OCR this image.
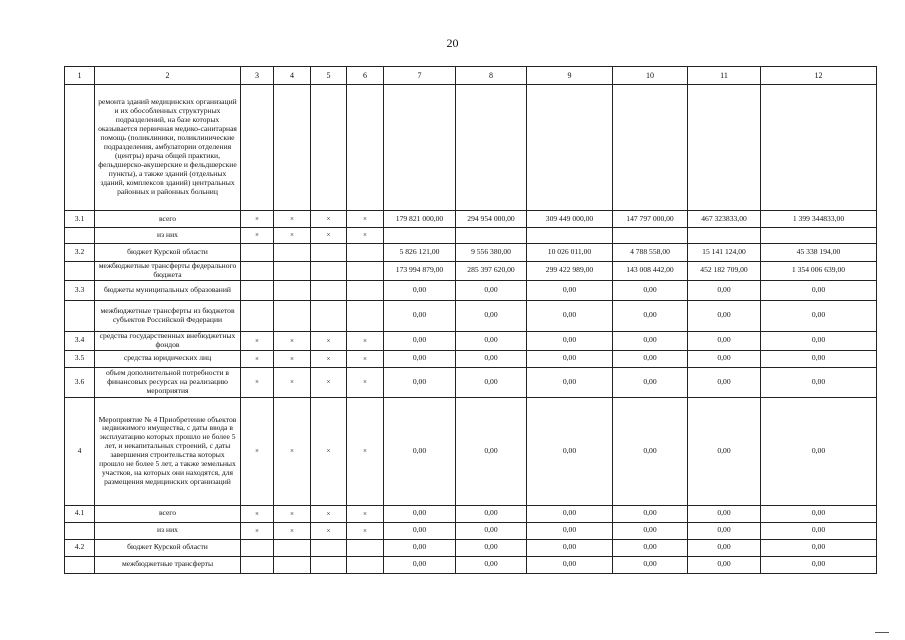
20
1	2	3	4	5	6	7	8	9	10	11	12
	ремонта зданий медицинских организаций и их обособленных структурных подразделений, на базе которых оказывается первичная медико-санитарная помощь (поликлиники, поликлинические подразделения, амбулатории отделения (центры) врача общей практики, фельдшерско-акушерские и фельдшерские пункты), а также зданий (отдельных зданий, комплексов зданий) центральных районных и районных больниц										
3.1	всего	×	×	×	×	179 821 000,00	294 954 000,00	309 449 000,00	147 797 000,00	467 323833,00	1 399 344833,00
	из них	×	×	×	×						
3.2	бюджет Курской области					5 826 121,00	9 556 380,00	10 026 011,00	4 788 558,00	15 141 124,00	45 338 194,00
	межбюджетные трансферты федерального бюджета					173 994 879,00	285 397 620,00	299 422 989,00	143 008 442,00	452 182 709,00	1 354 006 639,00
3.3	бюджеты муниципальных образований					0,00	0,00	0,00	0,00	0,00	0,00
	межбюджетные трансферты из бюджетов субъектов Российской Федерации					0,00	0,00	0,00	0,00	0,00	0,00
3.4	средства государственных внебюджетных фондов	×	×	×	×	0,00	0,00	0,00	0,00	0,00	0,00
3.5	средства юридических лиц	×	×	×	×	0,00	0,00	0,00	0,00	0,00	0,00
3.6	объем дополнительной потребности в финансовых ресурсах на реализацию мероприятия	×	×	×	×	0,00	0,00	0,00	0,00	0,00	0,00
4	Мероприятие № 4 Приобретение объектов недвижимого имущества, с даты ввода в эксплуатацию которых прошло не более 5 лет, и некапитальных строений, с даты завершения строительства которых прошло не более 5 лет, а также земельных участков, на которых они находятся, для размещения медицинских организаций	×	×	×	×	0,00	0,00	0,00	0,00	0,00	0,00
4.1	всего	×	×	×	×	0,00	0,00	0,00	0,00	0,00	0,00
	из них	×	×	×	×	0,00	0,00	0,00	0,00	0,00	0,00
4.2	бюджет Курской области					0,00	0,00	0,00	0,00	0,00	0,00
	межбюджетные трансферты					0,00	0,00	0,00	0,00	0,00	0,00
